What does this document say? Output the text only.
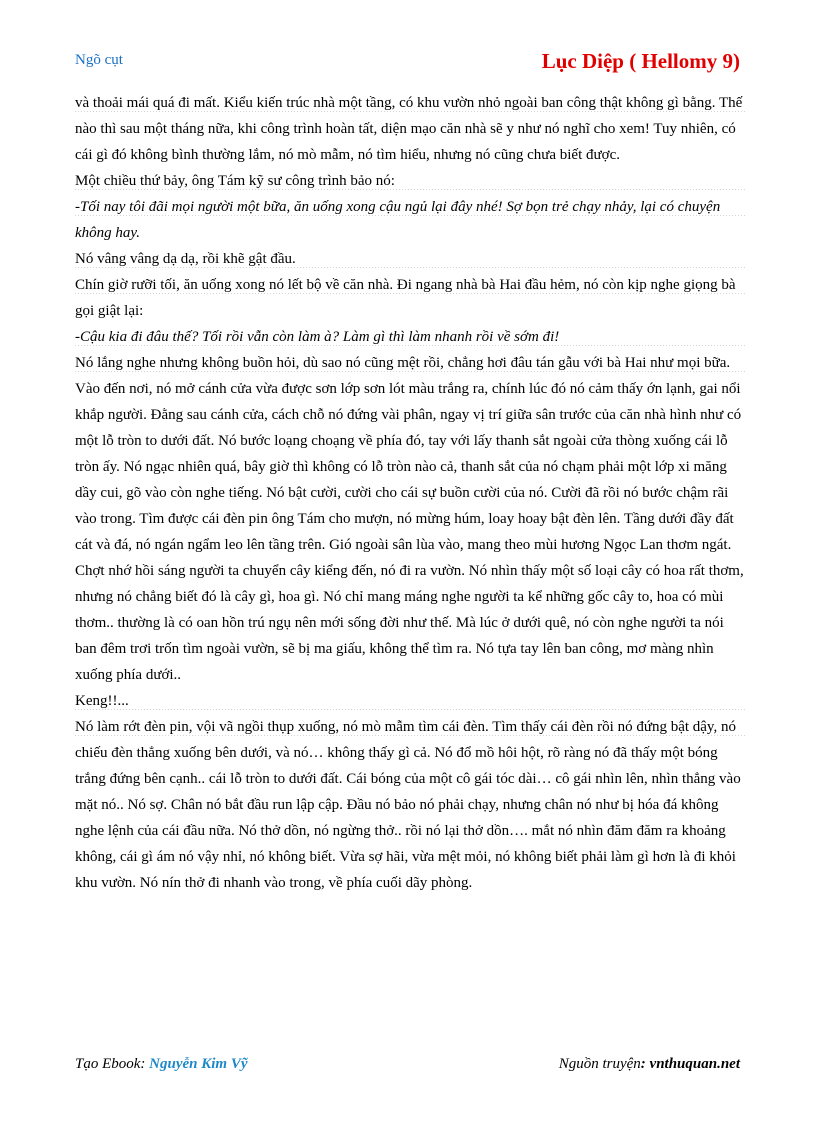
Ngõ cụt	Lục Diệp ( Hellomy 9)

và thoải mái quá đi mất. Kiểu kiến trúc nhà một tầng, có khu vườn nhỏ ngoài ban công thật không gì bằng. Thế nào thì sau một tháng nữa, khi công trình hoàn tất, diện mạo căn nhà sẽ y như nó nghĩ cho xem! Tuy nhiên, có cái gì đó không bình thường lắm, nó mò mẫm, nó tìm hiểu, nhưng nó cũng chưa biết được.

Một chiều thứ bảy, ông Tám kỹ sư công trình bảo nó:

-Tối nay tôi đãi mọi người một bữa, ăn uống xong cậu ngủ lại đây nhé! Sợ bọn trẻ chạy nhảy, lại có chuyện không hay.

Nó vâng vâng dạ dạ, rồi khẽ gật đầu.

Chín giờ rưỡi tối, ăn uống xong nó lết bộ về căn nhà. Đi ngang nhà bà Hai đầu hẻm, nó còn kịp nghe giọng bà gọi giật lại:

-Cậu kia đi đâu thế? Tối rồi vẫn còn làm à? Làm gì thì làm nhanh rồi về sớm đi!

Nó lắng nghe nhưng không buồn hỏi, dù sao nó cũng mệt rồi, chẳng hơi đâu tán gẫu với bà Hai như mọi bữa. Vào đến nơi, nó mở cánh cửa vừa được sơn lớp sơn lót màu trắng ra, chính lúc đó nó cảm thấy ớn lạnh, gai nổi khắp người. Đằng sau cánh cửa, cách chỗ nó đứng vài phân, ngay vị trí giữa sân trước của căn nhà hình như có một lỗ tròn to dưới đất. Nó bước loạng choạng về phía đó, tay với lấy thanh sắt ngoài cửa thòng xuống cái lỗ tròn ấy. Nó ngạc nhiên quá, bây giờ thì không có lỗ tròn nào cả, thanh sắt của nó chạm phải một lớp xi măng dầy cui, gõ vào còn nghe tiếng. Nó bật cười, cười cho cái sự buồn cười của nó. Cười đã rồi nó bước chậm rãi vào trong. Tìm được cái đèn pin ông Tám cho mượn, nó mừng húm, loay hoay bật đèn lên. Tầng dưới đầy đất cát và đá, nó ngán ngẩm leo lên tầng trên. Gió ngoài sân lùa vào, mang theo mùi hương Ngọc Lan thơm ngát. Chợt nhớ hồi sáng người ta chuyển cây kiểng đến, nó đi ra vườn. Nó nhìn thấy một số loại cây có hoa rất thơm, nhưng nó chẳng biết đó là cây gì, hoa gì. Nó chỉ mang máng nghe người ta kể những gốc cây to, hoa có mùi thơm.. thường là có oan hồn trú ngụ nên mới sống đời như thế. Mà lúc ở dưới quê, nó còn nghe người ta nói ban đêm trơi trốn tìm ngoài vườn, sẽ bị ma giấu, không thể tìm ra. Nó tựa tay lên ban công, mơ màng nhìn xuống phía dưới..

Keng!!...

Nó làm rớt đèn pin, vội vã ngồi thụp xuống, nó mò mẫm tìm cái đèn. Tìm thấy cái đèn rồi nó đứng bật dậy, nó chiếu đèn thẳng xuống bên dưới, và nó… không thấy gì cả. Nó đổ mồ hôi hột, rõ ràng nó đã thấy một bóng trắng đứng bên cạnh.. cái lỗ tròn to dưới đất. Cái bóng của một cô gái tóc dài… cô gái nhìn lên, nhìn thẳng vào mặt nó.. Nó sợ. Chân nó bắt đầu run lập cập. Đầu nó bảo nó phải chạy, nhưng chân nó như bị hóa đá không nghe lệnh của cái đầu nữa. Nó thở dồn, nó ngừng thở.. rồi nó lại thở dồn…. mắt nó nhìn đăm đăm ra khoảng không, cái gì ám nó vậy nhỉ, nó không biết. Vừa sợ hãi, vừa mệt mỏi, nó không biết phải làm gì hơn là đi khỏi khu vườn. Nó nín thở đi nhanh vào trong, về phía cuối dãy phòng.

Tạo Ebook: Nguyễn Kim Vỹ	Nguồn truyện: vnthuquan.net
